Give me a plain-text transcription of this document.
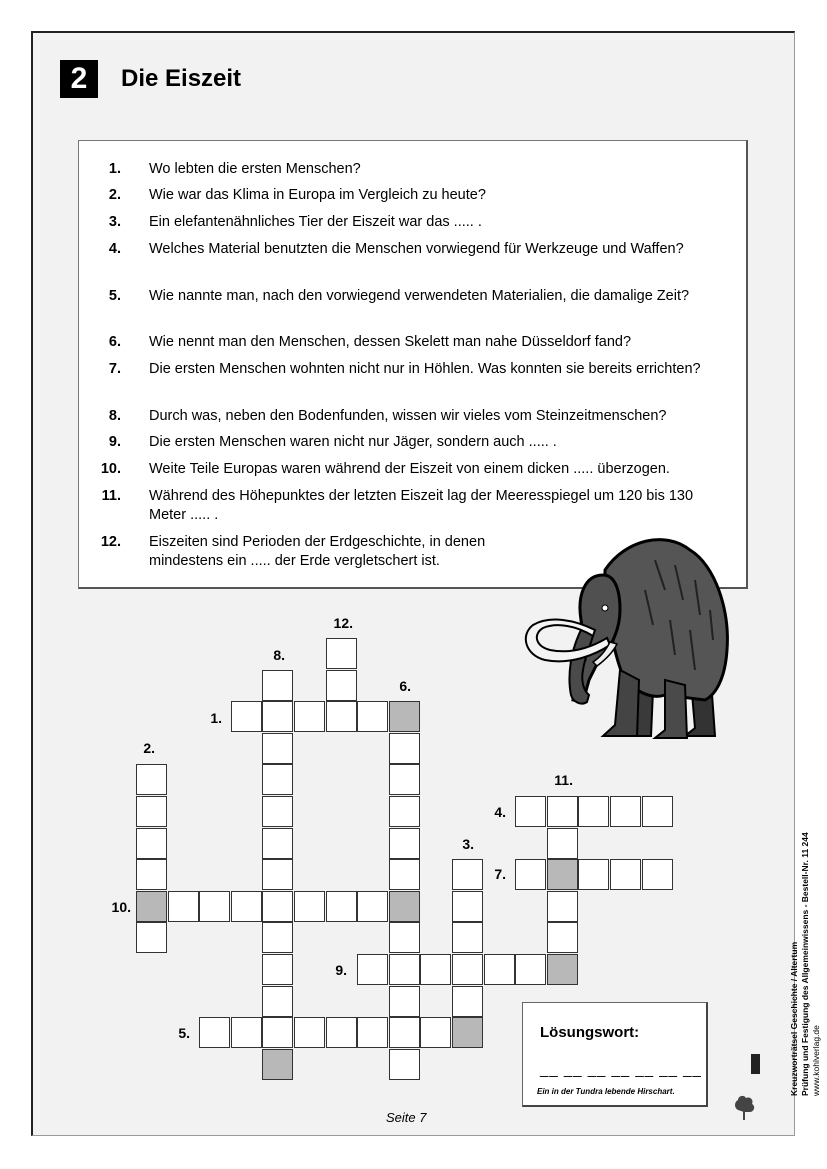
2	Die Eiszeit
1. Wo lebten die ersten Menschen?
2. Wie war das Klima in Europa im Vergleich zu heute?
3. Ein elefantenähnliches Tier der Eiszeit war das ..... .
4. Welches Material benutzten die Menschen vorwiegend für Werkzeuge und Waffen?
5. Wie nannte man, nach den vorwiegend verwendeten Materialien, die damalige Zeit?
6. Wie nennt man den Menschen, dessen Skelett man nahe Düsseldorf fand?
7. Die ersten Menschen wohnten nicht nur in Höhlen. Was konnten sie bereits errichten?
8. Durch was, neben den Bodenfunden, wissen wir vieles vom Steinzeitmenschen?
9. Die ersten Menschen waren nicht nur Jäger, sondern auch ..... .
10. Weite Teile Europas waren während der Eiszeit von einem dicken ..... überzogen.
11. Während des Höhepunktes der letzten Eiszeit lag der Meeresspiegel um 120 bis 130 Meter ..... .
12. Eiszeiten sind Perioden der Erdgeschichte, in denen mindestens ein ..... der Erde vergletschert ist.
1.
2.
3.
4.
5.
6.
7.
8.
9.
10.
11.
12.
Lösungswort:
__ __ __ __ __ __ __
Ein in der Tundra lebende Hirschart.
Seite 7
Kreuzworträtsel Geschichte / Altertum Prüfung und Festigung des Allgemeinwissens - Bestell-Nr. 11 244 www.kohlverlag.de
